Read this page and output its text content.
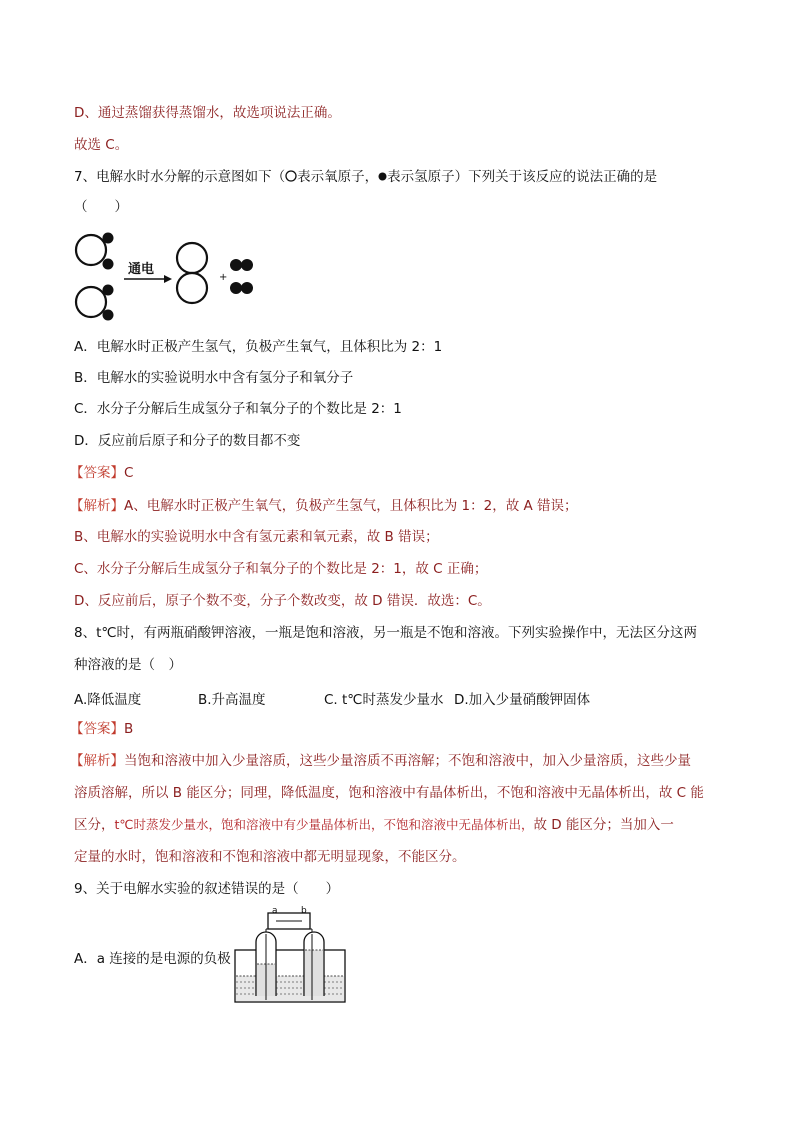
D、通过蒸馏获得蒸馏水，故选项说法正确。
故选 C。
7、电解水时水分解的示意图如下（ 表示氧原子， 表示氢原子）下列关于该反应的说法正确的是
（　　）
+
通电
A．电解水时正极产生氢气，负极产生氧气，且体积比为 2：1
B．电解水的实验说明水中含有氢分子和氧分子
C．水分子分解后生成氢分子和氧分子的个数比是 2：1
D．反应前后原子和分子的数目都不变
【答案】C
【解析】A、电解水时正极产生氧气，负极产生氢气，且体积比为 1：2，故 A 错误；
B、电解水的实验说明水中含有氢元素和氧元素，故 B 错误；
C、水分子分解后生成氢分子和氧分子的个数比是 2：1，故 C 正确；
D、反应前后，原子个数不变，分子个数改变，故 D 错误．故选：C。
8、t℃时，有两瓶硝酸钾溶液，一瓶是饱和溶液，另一瓶是不饱和溶液。下列实验操作中，无法区分这两
种溶液的是（　）
A.降低温度	B.升高温度	C. t℃时蒸发少量水 D.加入少量硝酸钾固体
【答案】B
【解析】当饱和溶液中加入少量溶质，这些少量溶质不再溶解；不饱和溶液中，加入少量溶质，这些少量
溶质溶解，所以 B 能区分；同理，降低温度，饱和溶液中有晶体析出，不饱和溶液中无晶体析出，故 C 能
区分，t℃时蒸发少量水，饱和溶液中有少量晶体析出，不饱和溶液中无晶体析出，故 D 能区分；当加入一
定量的水时，饱和溶液和不饱和溶液中都无明显现象，不能区分。
9、关于电解水实验的叙述错误的是（　　）
A．a 连接的是电源的负极
a	b
